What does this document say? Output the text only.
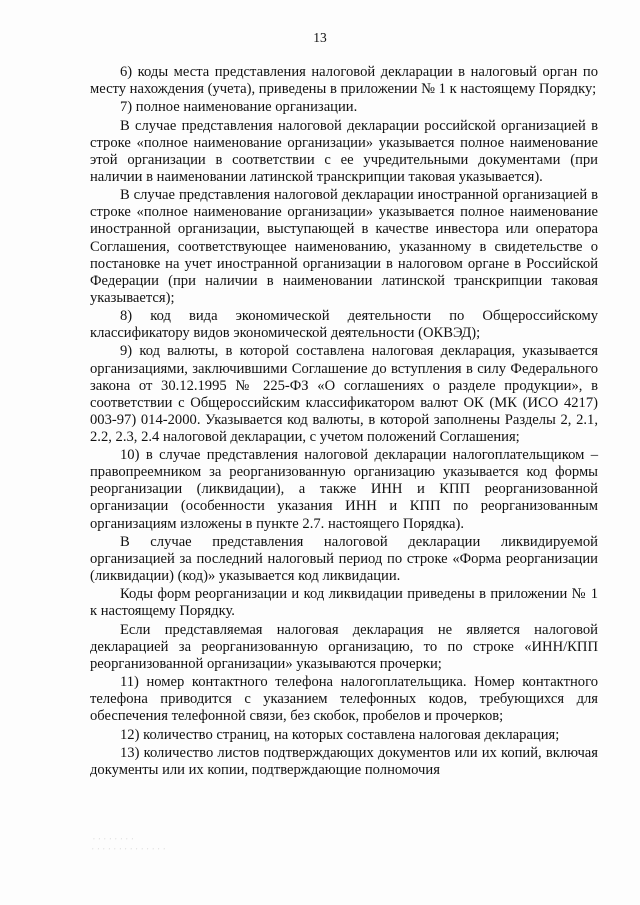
13

6) коды места представления налоговой декларации в налоговый орган по месту нахождения (учета), приведены в приложении № 1 к настоящему Порядку;

7) полное наименование организации.

В случае представления налоговой декларации российской организацией в строке «полное наименование организации» указывается полное наименование этой организации в соответствии с ее учредительными документами (при наличии в наименовании латинской транскрипции таковая указывается).

В случае представления налоговой декларации иностранной организацией в строке «полное наименование организации» указывается полное наименование иностранной организации, выступающей в качестве инвестора или оператора Соглашения, соответствующее наименованию, указанному в свидетельстве о постановке на учет иностранной организации в налоговом органе в Российской Федерации (при наличии в наименовании латинской транскрипции таковая указывается);

8) код вида экономической деятельности по Общероссийскому классификатору видов экономической деятельности (ОКВЭД);

9) код валюты, в которой составлена налоговая декларация, указывается организациями, заключившими Соглашение до вступления в силу Федерального закона от 30.12.1995 № 225-ФЗ «О соглашениях о разделе продукции», в соответствии с Общероссийским классификатором валют ОК (МК (ИСО 4217) 003-97) 014-2000. Указывается код валюты, в которой заполнены Разделы 2, 2.1, 2.2, 2.3, 2.4 налоговой декларации, с учетом положений Соглашения;

10) в случае представления налоговой декларации налогоплательщиком – правопреемником за реорганизованную организацию указывается код формы реорганизации (ликвидации), а также ИНН и КПП реорганизованной организации (особенности указания ИНН и КПП по реорганизованным организациям изложены в пункте 2.7. настоящего Порядка).

В случае представления налоговой декларации ликвидируемой организацией за последний налоговый период по строке «Форма реорганизации (ликвидации) (код)» указывается код ликвидации.

Коды форм реорганизации и код ликвидации приведены в приложении № 1 к настоящему Порядку.

Если представляемая налоговая декларация не является налоговой декларацией за реорганизованную организацию, то по строке «ИНН/КПП реорганизованной организации» указываются прочерки;

11) номер контактного телефона налогоплательщика. Номер контактного телефона приводится с указанием телефонных кодов, требующихся для обеспечения телефонной связи, без скобок, пробелов и прочерков;

12) количество страниц, на которых составлена налоговая декларация;

13) количество листов подтверждающих документов или их копий, включая документы или их копии, подтверждающие полномочия

· · · · · · · ·
· · · · · · · · · · · · · ·
